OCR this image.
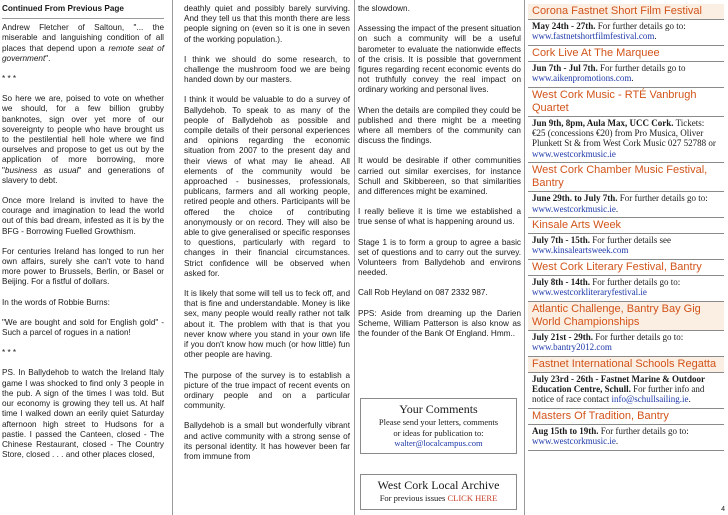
Continued From Previous Page

Andrew Fletcher of Saltoun, "... the miserable and languishing condition of all places that depend upon a remote seat of government".

* * *

So here we are, poised to vote on whether we should, for a few billion grubby banknotes, sign over yet more of our sovereignty to people who have brought us to the pestilential hell hole where we find ourselves and propose to get us out by the application of more borrowing, more "business as usual" and generations of slavery to debt.

Once more Ireland is invited to have the courage and imagination to lead the world out of this bad dream, infested as it is by the BFG - Borrowing Fuelled Growthism.

For centuries Ireland has longed to run her own affairs, surely she can't vote to hand more power to Brussels, Berlin, or Basel or Beijing. For a fistful of dollars.

In the words of Robbie Burns:

"We are bought and sold for English gold" - Such a parcel of rogues in a nation!

* * *

PS. In Ballydehob to watch the Ireland Italy game I was shocked to find only 3 people in the pub. A sign of the times I was told. But our economy is growing they tell us. At half time I walked down an eerily quiet Saturday afternoon high street to Hudsons for a pastie. I passed the Canteen, closed - The Chinese Restaurant, closed - The Country Store, closed . . . and other places closed,

deathly quiet and possibly barely surviving. And they tell us that this month there are less people signing on (even so it is one in seven of the working population.).

I think we should do some research, to challenge the mushroom food we are being handed down by our masters.

I think it would be valuable to do a survey of Ballydehob. To speak to as many of the people of Ballydehob as possible and compile details of their personal experiences and opinions regarding the economic situation from 2007 to the present day and their views of what may lie ahead. All elements of the community would be approached - businesses, professionals, publicans, farmers and all working people, retired people and others. Participants will be offered the choice of contributing anonymously or on record. They will also be able to give generalised or specific responses to questions, particularly with regard to changes in their financial circumstances. Strict confidence will be observed when asked for.

It is likely that some will tell us to feck off, and that is fine and understandable. Money is like sex, many people would really rather not talk about it. The problem with that is that you never know where you stand in your own life if you don't know how much (or how little) fun other people are having.

The purpose of the survey is to establish a picture of the true impact of recent events on ordinary people and on a particular community.

Ballydehob is a small but wonderfully vibrant and active community with a strong sense of its personal identity. It has however been far from immune from

the slowdown.

Assessing the impact of the present situation on such a community will be a useful barometer to evaluate the nationwide effects of the crisis. It is possible that government figures regarding recent economic events do not truthfully convey the real impact on ordinary working and personal lives.

When the details are compiled they could be published and there might be a meeting where all members of the community can discuss the findings.

It would be desirable if other communities carried out similar exercises, for instance Schull and Skibbereen, so that similarities and differences might be examined.

I really believe it is time we established a true sense of what is happening around us.

Stage 1 is to form a group to agree a basic set of questions and to carry out the survey. Volunteers from Ballydehob and environs needed.

Call Rob Heyland on 087 2332 987.

PPS: Aside from dreaming up the Darien Scheme, William Patterson is also know as the founder of the Bank Of England. Hmm..

Your Comments
Please send your letters, comments
or ideas for publication to:
walter@localcampus.com
West Cork Local Archive
For previous issues CLICK HERE
Corona Fastnet Short Film Festival
May 24th - 27th. For further details go to: www.fastnetshortfilmfestival.com.
Cork Live At The Marquee
Jun 7th - Jul 7th. For further details go to www.aikenpromotions.com.
West Cork Music - RTÉ Vanbrugh Quartet
Jun 9th, 8pm, Aula Max, UCC Cork. Tickets: €25 (concessions €20) from Pro Musica, Oliver Plunkett St & from West Cork Music 027 52788 or www.westcorkmusic.ie
West Cork Chamber Music Festival, Bantry
June 29th. to July 7th. For further details go to: www.westcorkmusic.ie.
Kinsale Arts Week
July 7th - 15th. For further details see www.kinsaleartsweek.com
West Cork Literary Festival, Bantry
July 8th - 14th. For further details go to: www.westcorkliteraryfestival.ie
Atlantic Challenge, Bantry Bay Gig World Championships
July 21st - 29th. For further details go to: www.bantry2012.com
Fastnet International Schools Regatta
July 23rd - 26th - Fastnet Marine & Outdoor Education Centre, Schull. For further info and notice of race contact info@schullsailing.ie.
Masters Of Tradition, Bantry
Aug 15th to 19th. For further details go to: www.westcorkmusic.ie.
4
